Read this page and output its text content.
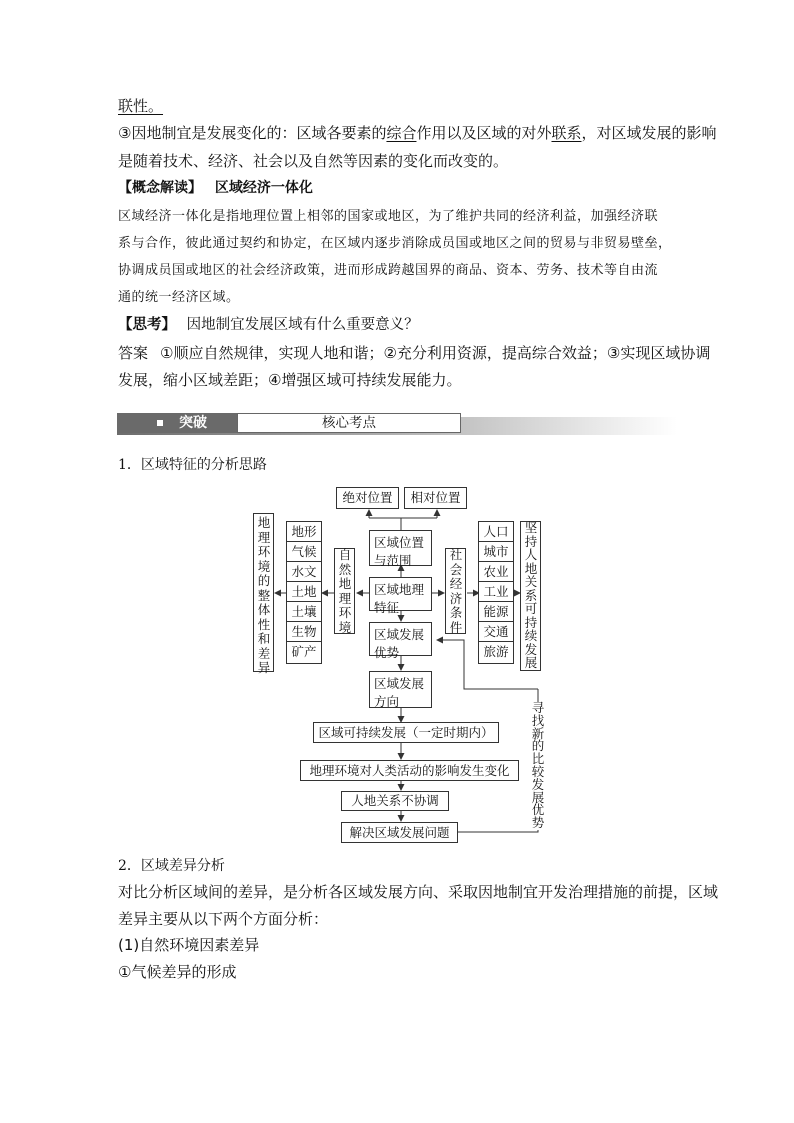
联性。
③因地制宜是发展变化的：区域各要素的综合作用以及区域的对外联系，对区域发展的影响
是随着技术、经济、社会以及自然等因素的变化而改变的。
【概念解读】 区域经济一体化
区域经济一体化是指地理位置上相邻的国家或地区，为了维护共同的经济利益，加强经济联
系与合作，彼此通过契约和协定，在区域内逐步消除成员国或地区之间的贸易与非贸易壁垒，
协调成员国或地区的社会经济政策，进而形成跨越国界的商品、资本、劳务、技术等自由流
通的统一经济区域。
【思考】 因地制宜发展区域有什么重要意义？
答案 ①顺应自然规律，实现人地和谐；②充分利用资源，提高综合效益；③实现区域协调
发展，缩小区域差距；④增强区域可持续发展能力。
突破	核心考点
1．区域特征的分析思路
绝对位置	相对位置
区域位置
与范围
区域地理
特征
区域发展
优势
区域发展
方向
地
理
环
境
的
整
体
性
和
差
异
地形
气候
水文
土地
土壤
生物
矿产
自
然
地
理
环
境
社
会
经
济
条
件
人口
城市
农业
工业
能源
交通
旅游
坚
持
人
地
关
系
可
持
续
发
展
寻
找
新
的
比
较
发
展
优
势
区域可持续发展（一定时期内）
地理环境对人类活动的影响发生变化
人地关系不协调
解决区域发展问题
2．区域差异分析
对比分析区域间的差异，是分析各区域发展方向、采取因地制宜开发治理措施的前提，区域
差异主要从以下两个方面分析：
(1)自然环境因素差异
①气候差异的形成
